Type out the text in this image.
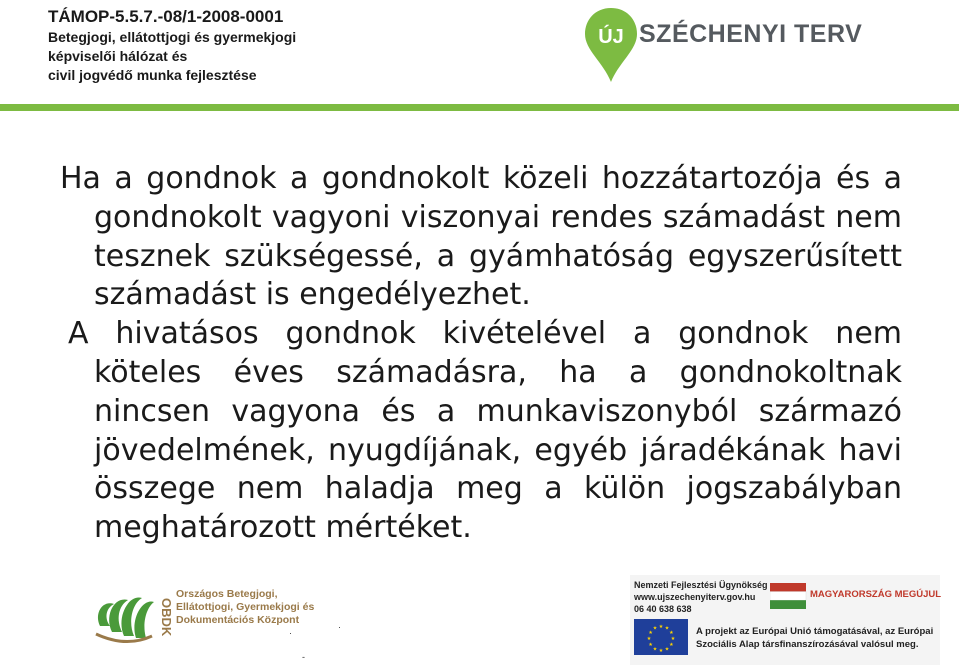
TÁMOP-5.5.7.-08/1-2008-0001
Betegjogi, ellátottjogi és gyermekjogi
képviselői hálózat és
civil jogvédő munka fejlesztése
ÚJ SZÉCHENYI TERV

Ha a gondnok a gondnokolt közeli hozzátartozója és a gondnokolt vagyoni viszonyai rendes számadást nem tesznek szükségessé, a gyámhatóság egyszerűsített számadást is engedélyezhet.

A hivatásos gondnok kivételével a gondnok nem köteles éves számadásra, ha a gondnokoltnak nincsen vagyona és a munkaviszonyból származó jövedelmének, nyugdíjának, egyéb járadékának havi összege nem haladja meg a külön jogszabályban meghatározott mértéket.

OBDK
Országos Betegjogi,
Ellátottjogi, Gyermekjogi és
Dokumentációs Központ
·
·
-
Nemzeti Fejlesztési Ügynökség
www.ujszechenyiterv.gov.hu
06 40 638 638
MAGYARORSZÁG MEGÚJUL
★ ★
★
★
★
★
★
★
★
★
★
★	A projekt az Európai Unió támogatásával, az Európai
Szociális Alap társfinanszírozásával valósul meg.
